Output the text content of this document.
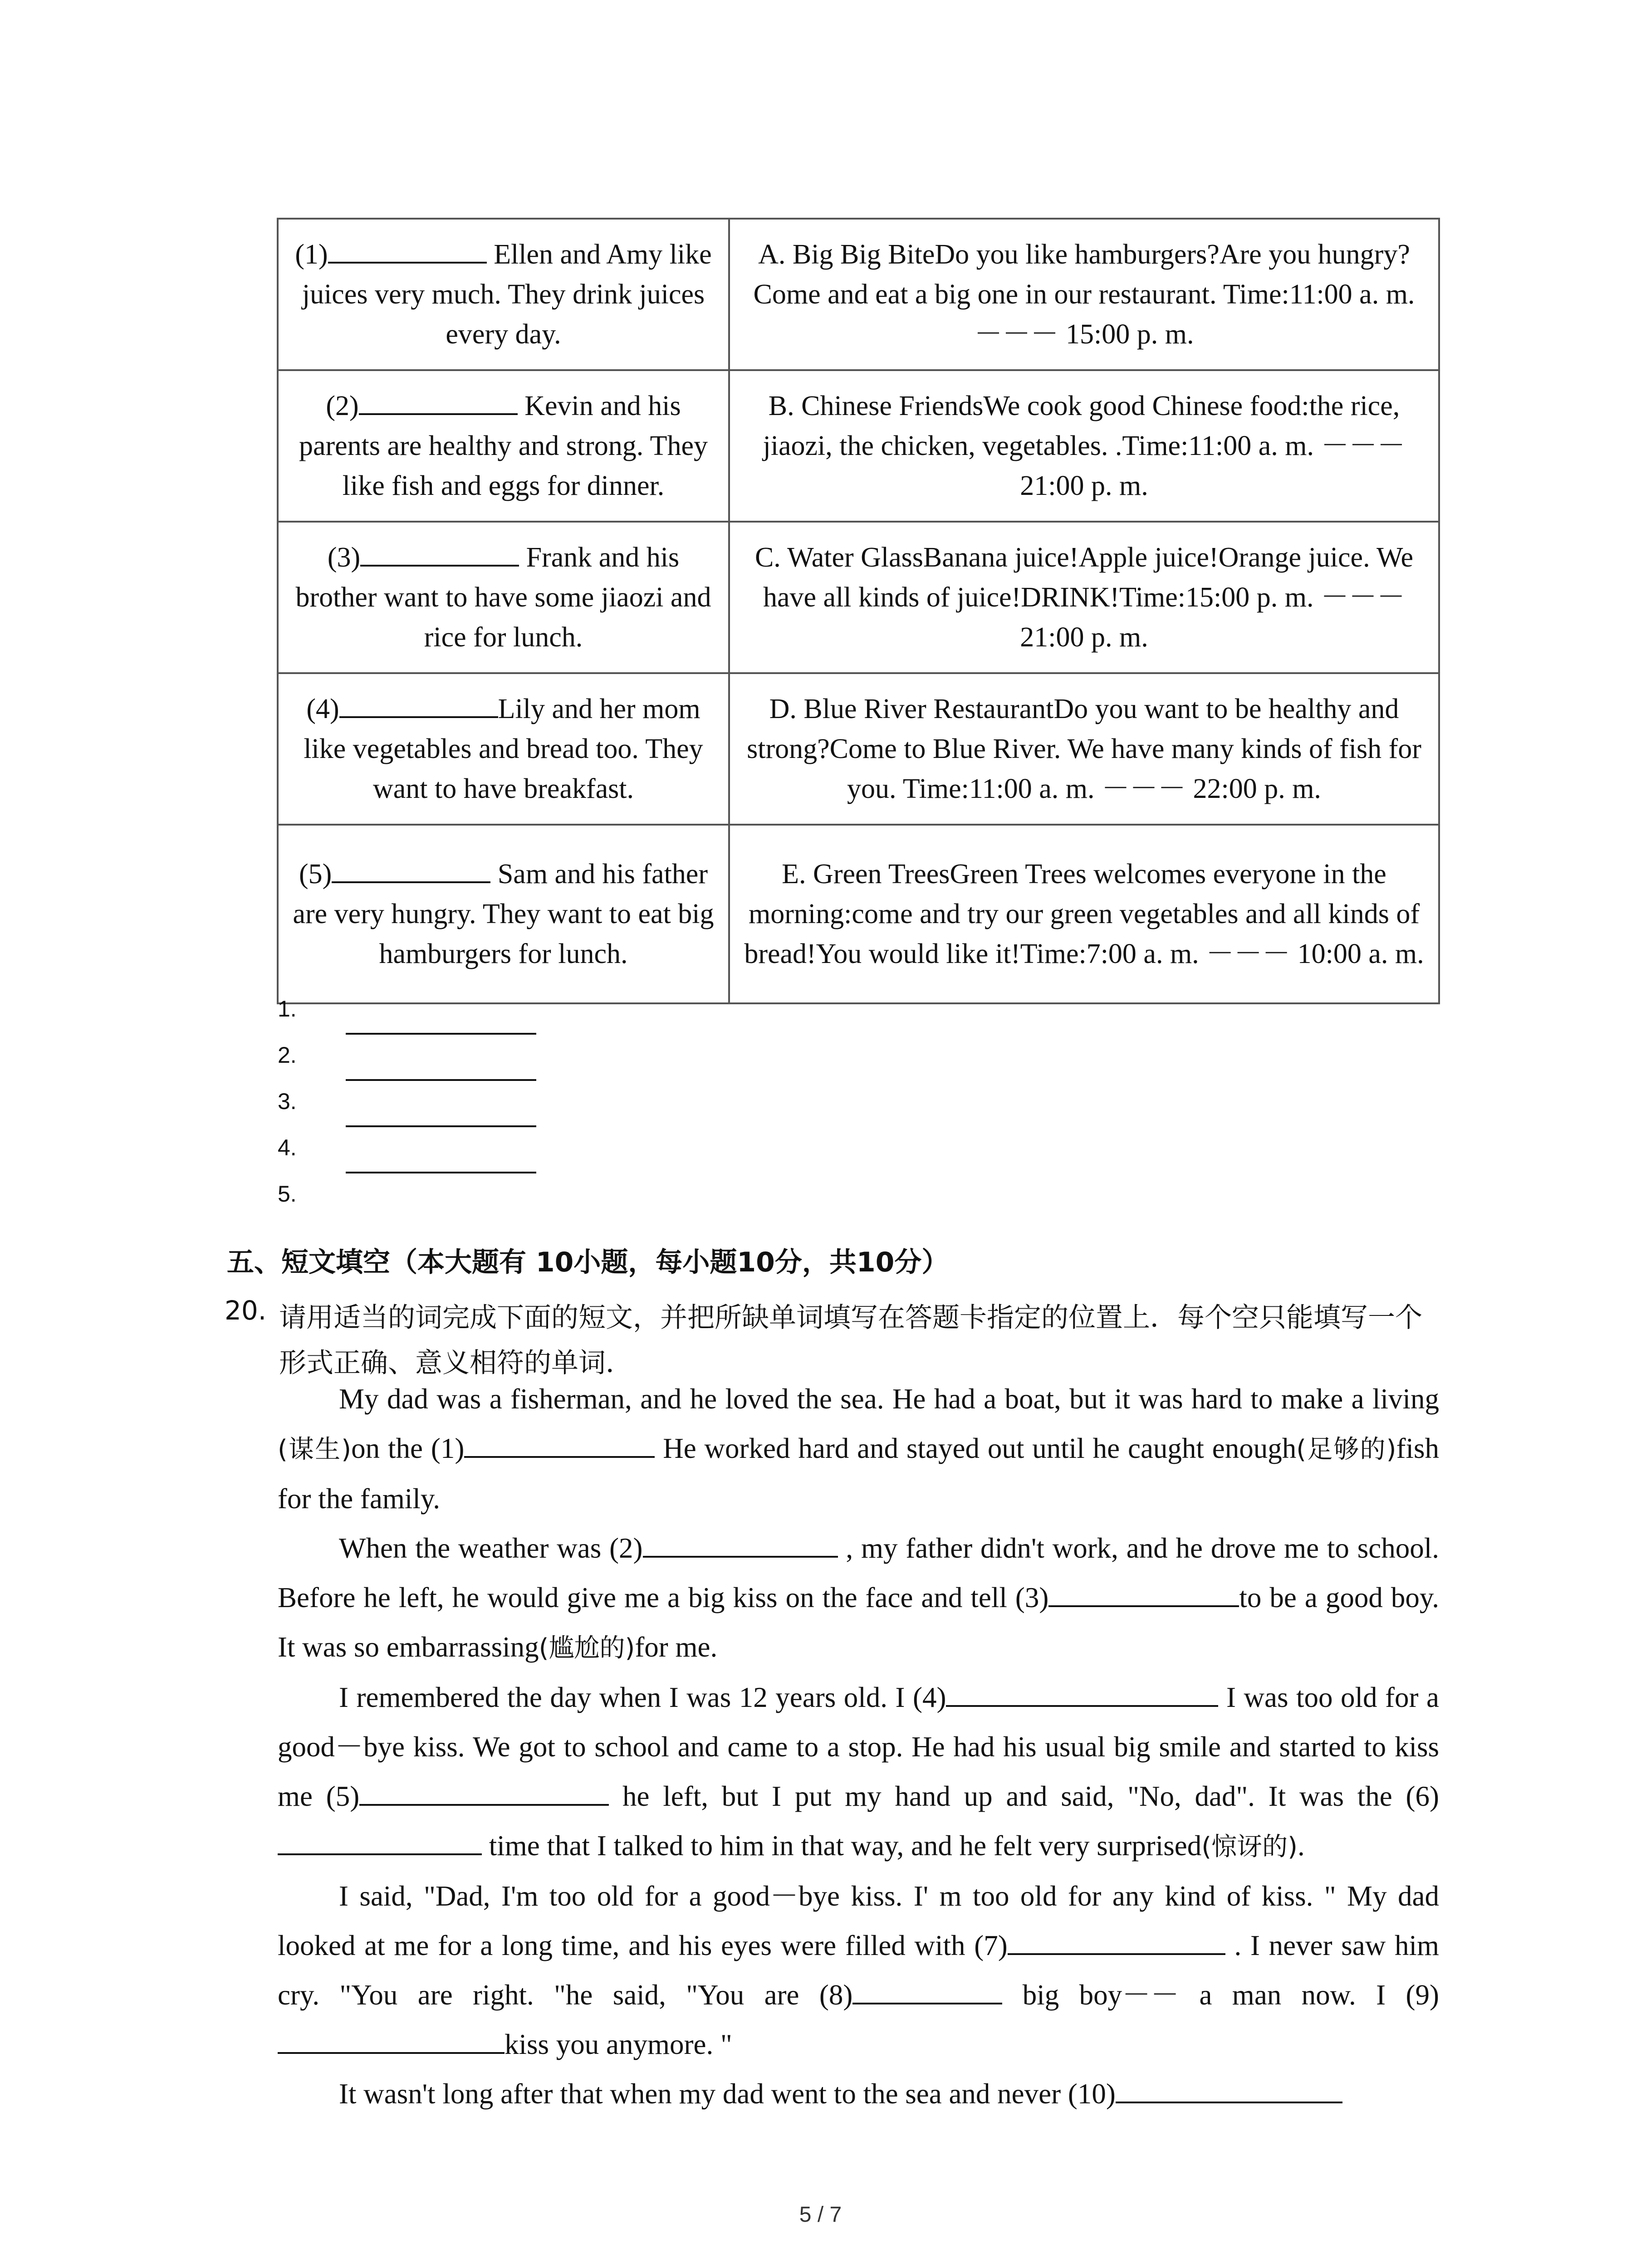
(1) Ellen and Amy like juices very much. They drink juices every day.	A. Big Big BiteDo you like hamburgers?Are you hungry?Come and eat a big one in our restaurant. Time:11:00 a. m. －－－ 15:00 p. m.
(2) Kevin and his parents are healthy and strong. They like fish and eggs for dinner.	B. Chinese FriendsWe cook good Chinese food:the rice, jiaozi, the chicken, vegetables. .Time:11:00 a. m. －－－21:00 p. m.
(3) Frank and his brother want to have some jiaozi and rice for lunch.	C. Water GlassBanana juice!Apple juice!Orange juice. We have all kinds of juice!DRINK!Time:15:00 p. m. －－－21:00 p. m.
(4) Lily and her mom like vegetables and bread too. They want to have breakfast.	D. Blue River RestaurantDo you want to be healthy and strong?Come to Blue River. We have many kinds of fish for you. Time:11:00 a. m. －－－ 22:00 p. m.
(5) Sam and his father are very hungry. They want to eat big hamburgers for lunch.	E. Green TreesGreen Trees welcomes everyone in the morning:come and try our green vegetables and all kinds of bread!You would like it!Time:7:00 a. m. －－－ 10:00 a. m.
1.
2.
3.
4.
5.
五、短文填空（本大题有 10小题，每小题10分，共10分）
20. 请用适当的词完成下面的短文，并把所缺单词填写在答题卡指定的位置上．每个空只能填写一个形式正确、意义相符的单词．

My dad was a fisherman, and he loved the sea. He had a boat, but it was hard to make a living (谋生)on the (1)	He worked hard and stayed out until he caught enough(足够的)fish for the family.

When the weather was (2)	, my father didn't work, and he drove me to school. Before he left, he would give me a big kiss on the face and tell (3)	to be a good boy. It was so embarrassing(尴尬的)for me.

I remembered the day when I was 12 years old. I (4)	I was too old for a good－bye kiss. We got to school and came to a stop. He had his usual big smile and started to kiss me (5)	he left, but I put my hand up and said, "No, dad". It was the (6) time that I talked to him in that way, and he felt very surprised(惊讶的).

I said, "Dad, I'm too old for a good－bye kiss. I' m too old for any kind of kiss. " My dad looked at me for a long time, and his eyes were filled with (7)	. I never saw him cry. "You are right. "he said, "You are (8)	big boy－－ a man now. I (9)kiss you anymore. "

It wasn't long after that when my dad went to the sea and never (10)

5 / 7
